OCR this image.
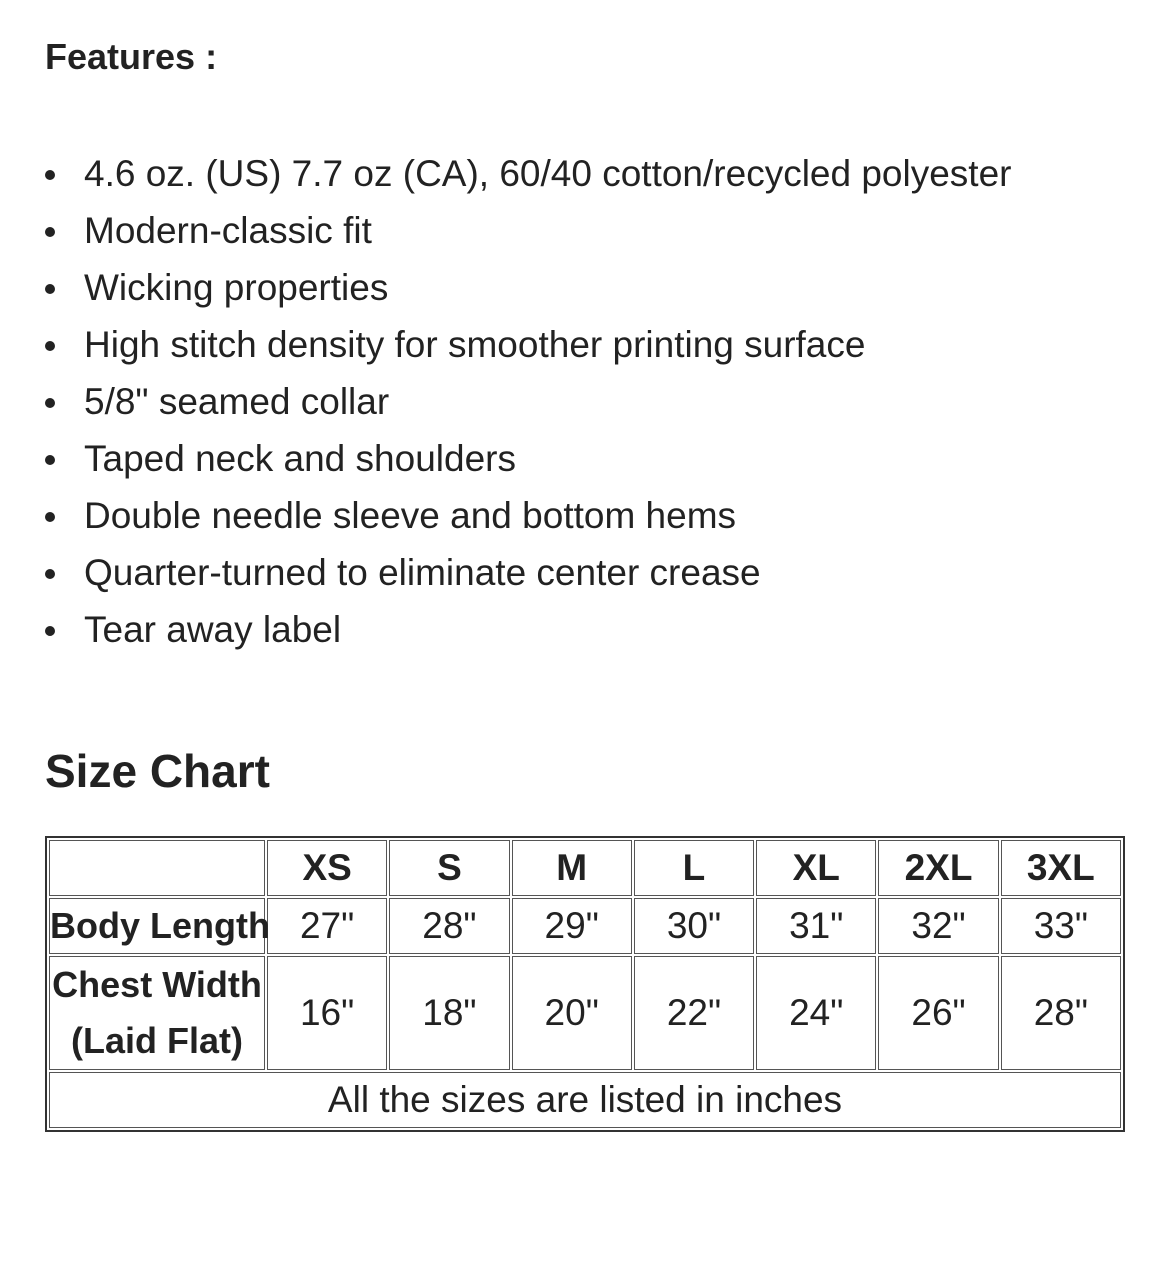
Features :
4.6 oz. (US) 7.7 oz (CA), 60/40 cotton/recycled polyester
Modern-classic fit
Wicking properties
High stitch density for smoother printing surface
5/8" seamed collar
Taped neck and shoulders
Double needle sleeve and bottom hems
Quarter-turned to eliminate center crease
Tear away label
Size Chart
	XS	S	M	L	XL	2XL	3XL
Body Length	27"	28"	29"	30"	31"	32"	33"

Chest Width
(Laid Flat)	16"	18"	20"	22"	24"	26"	28"
All the sizes are listed in inches							
